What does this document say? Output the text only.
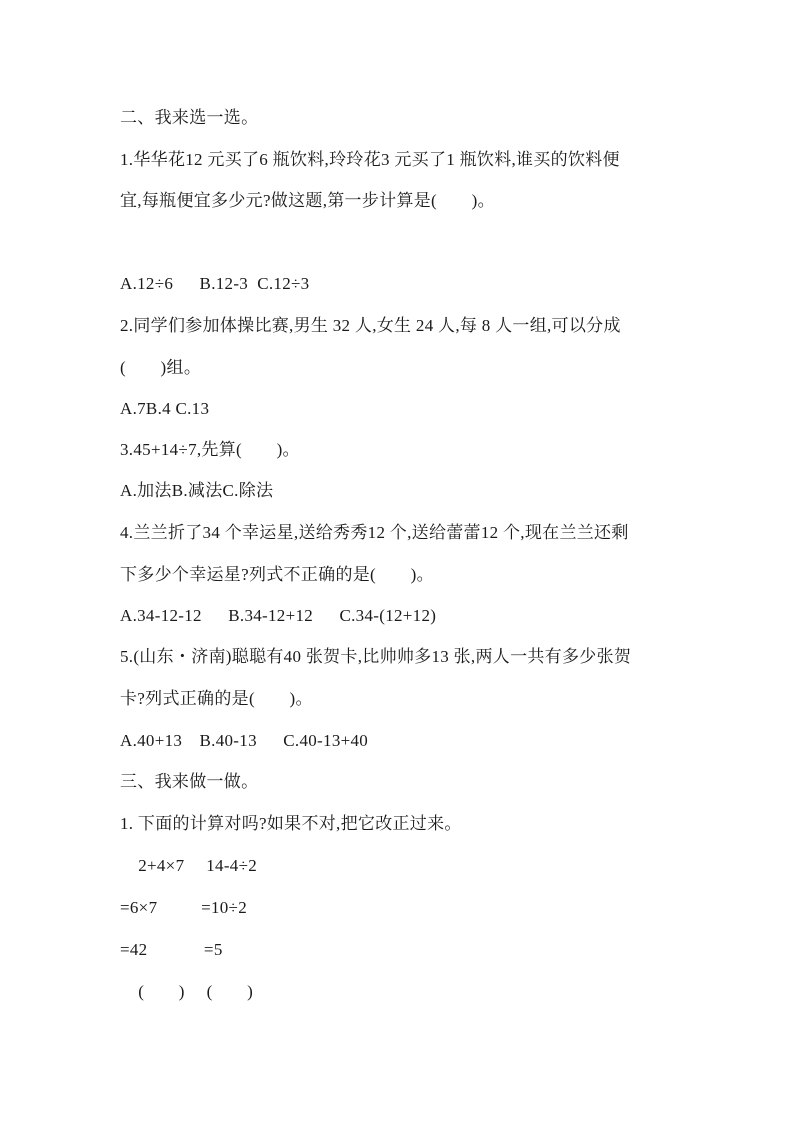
二、我来选一选。
1.华华花12 元买了6 瓶饮料,玲玲花3 元买了1 瓶饮料,谁买的饮料便
宜,每瓶便宜多少元?做这题,第一步计算是(　　)。
A.12÷6　  B.12-3  C.12÷3
2.同学们参加体操比赛,男生 32 人,女生 24 人,每 8 人一组,可以分成
(　　)组。
A.7B.4 C.13
3.45+14÷7,先算(　　)。
A.加法B.减法C.除法
4.兰兰折了34 个幸运星,送给秀秀12 个,送给蕾蕾12 个,现在兰兰还剩
下多少个幸运星?列式不正确的是(　　)。
A.34-12-12　  B.34-12+12　  C.34-(12+12)
5.(山东・济南)聪聪有40 张贺卡,比帅帅多13 张,两人一共有多少张贺
卡?列式正确的是(　　)。
A.40+13　B.40-13　  C.40-13+40
三、我来做一做。
1. 下面的计算对吗?如果不对,把它改正过来。
2+4×7　 14-4÷2
=6×7　　  =10÷2
=42　　　 =5
(　　)　 (　　)
